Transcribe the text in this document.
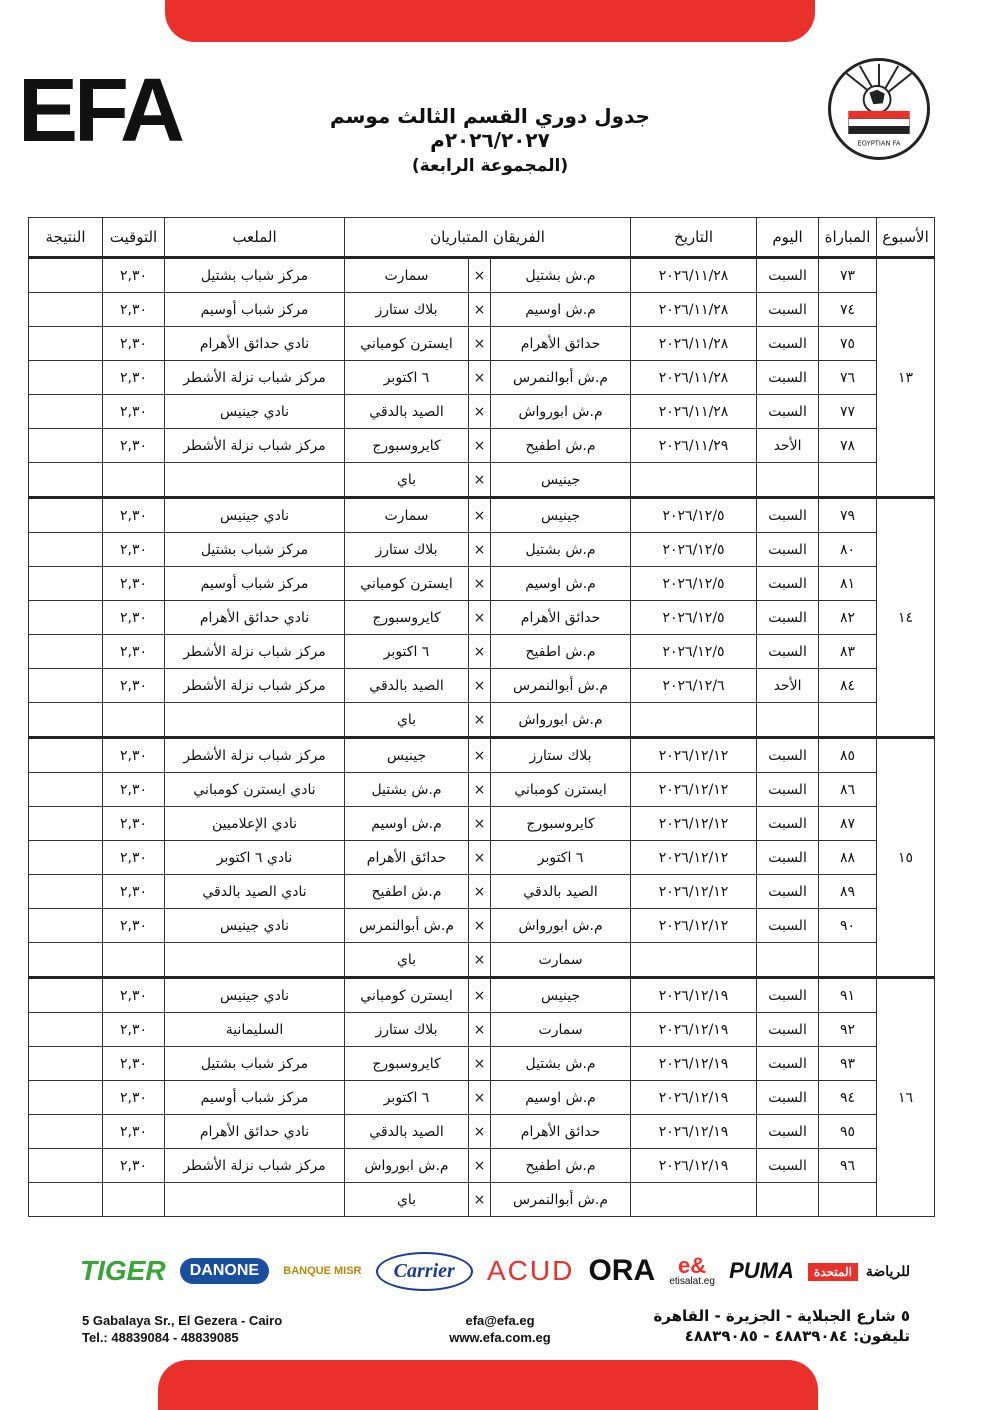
EFA	EGYPTIAN FA
جدول دوري القسم الثالث موسم ٢٠٢٦/٢٠٢٧م
(المجموعة الرابعة)
الأسبوع	المباراة	اليوم	التاريخ	الفريقان المتباريان			الملعب	التوقيت	النتيجة
١٣	٧٣	السبت	٢٠٢٦/١١/٢٨	م.ش بشتيل	×	سمارت	مركز شباب بشتيل	٢,٣٠	
	٧٤	السبت	٢٠٢٦/١١/٢٨	م.ش اوسيم	×	بلاك ستارز	مركز شباب أوسيم	٢,٣٠	
	٧٥	السبت	٢٠٢٦/١١/٢٨	حدائق الأهرام	×	ايسترن كومباني	نادي حدائق الأهرام	٢,٣٠	
	٧٦	السبت	٢٠٢٦/١١/٢٨	م.ش أبوالنمرس	×	٦ اكتوبر	مركز شباب نزلة الأشطر	٢,٣٠	
	٧٧	السبت	٢٠٢٦/١١/٢٨	م.ش ابورواش	×	الصيد بالدقي	نادي جينيس	٢,٣٠	
	٧٨	الأحد	٢٠٢٦/١١/٢٩	م.ش اطفيح	×	كايروسبورج	مركز شباب نزلة الأشطر	٢,٣٠	
				جينيس	×	باي			
١٤	٧٩	السبت	٢٠٢٦/١٢/٥	جينيس	×	سمارت	نادي جينيس	٢,٣٠	
	٨٠	السبت	٢٠٢٦/١٢/٥	م.ش بشتيل	×	بلاك ستارز	مركز شباب بشتيل	٢,٣٠	
	٨١	السبت	٢٠٢٦/١٢/٥	م.ش اوسيم	×	ايسترن كومباني	مركز شباب أوسيم	٢,٣٠	
	٨٢	السبت	٢٠٢٦/١٢/٥	حدائق الأهرام	×	كايروسبورج	نادي حدائق الأهرام	٢,٣٠	
	٨٣	السبت	٢٠٢٦/١٢/٥	م.ش اطفيح	×	٦ اكتوبر	مركز شباب نزلة الأشطر	٢,٣٠	
	٨٤	الأحد	٢٠٢٦/١٢/٦	م.ش أبوالنمرس	×	الصيد بالدقي	مركز شباب نزلة الأشطر	٢,٣٠	
				م.ش ابورواش	×	باي			
١٥	٨٥	السبت	٢٠٢٦/١٢/١٢	بلاك ستارز	×	جينيس	مركز شباب نزلة الأشطر	٢,٣٠	
	٨٦	السبت	٢٠٢٦/١٢/١٢	ايسترن كومباني	×	م.ش بشتيل	نادي ايسترن كومباني	٢,٣٠	
	٨٧	السبت	٢٠٢٦/١٢/١٢	كايروسبورج	×	م.ش اوسيم	نادي الإعلاميين	٢,٣٠	
	٨٨	السبت	٢٠٢٦/١٢/١٢	٦ اكتوبر	×	حدائق الأهرام	نادي ٦ اكتوبر	٢,٣٠	
	٨٩	السبت	٢٠٢٦/١٢/١٢	الصيد بالدقي	×	م.ش اطفيح	نادي الصيد بالدقي	٢,٣٠	
	٩٠	السبت	٢٠٢٦/١٢/١٢	م.ش ابورواش	×	م.ش أبوالنمرس	نادي جينيس	٢,٣٠	
				سمارت	×	باي			
١٦	٩١	السبت	٢٠٢٦/١٢/١٩	جينيس	×	ايسترن كومباني	نادي جينيس	٢,٣٠	
	٩٢	السبت	٢٠٢٦/١٢/١٩	سمارت	×	بلاك ستارز	السليمانية	٢,٣٠	
	٩٣	السبت	٢٠٢٦/١٢/١٩	م.ش بشتيل	×	كايروسبورج	مركز شباب بشتيل	٢,٣٠	
	٩٤	السبت	٢٠٢٦/١٢/١٩	م.ش اوسيم	×	٦ اكتوبر	مركز شباب أوسيم	٢,٣٠	
	٩٥	السبت	٢٠٢٦/١٢/١٩	حدائق الأهرام	×	الصيد بالدقي	نادي حدائق الأهرام	٢,٣٠	
	٩٦	السبت	٢٠٢٦/١٢/١٩	م.ش اطفيح	×	م.ش ابورواش	مركز شباب نزلة الأشطر	٢,٣٠	
				م.ش أبوالنمرس	×	باي			
TIGER	DANONE	BANQUE MISR	Carrier	ACUD ORA	e&
etisalat.eg PUMA	للرياضة المتحدة
5 Gabalaya Sr., El Gezera - Cairo
Tel.: 48839084 - 48839085
efa@efa.eg
www.efa.com.eg
٥ شارع الجبلاية - الجزيرة - القاهرة
تليفون: ٤٨٨٣٩٠٨٤ - ٤٨٨٣٩٠٨٥
